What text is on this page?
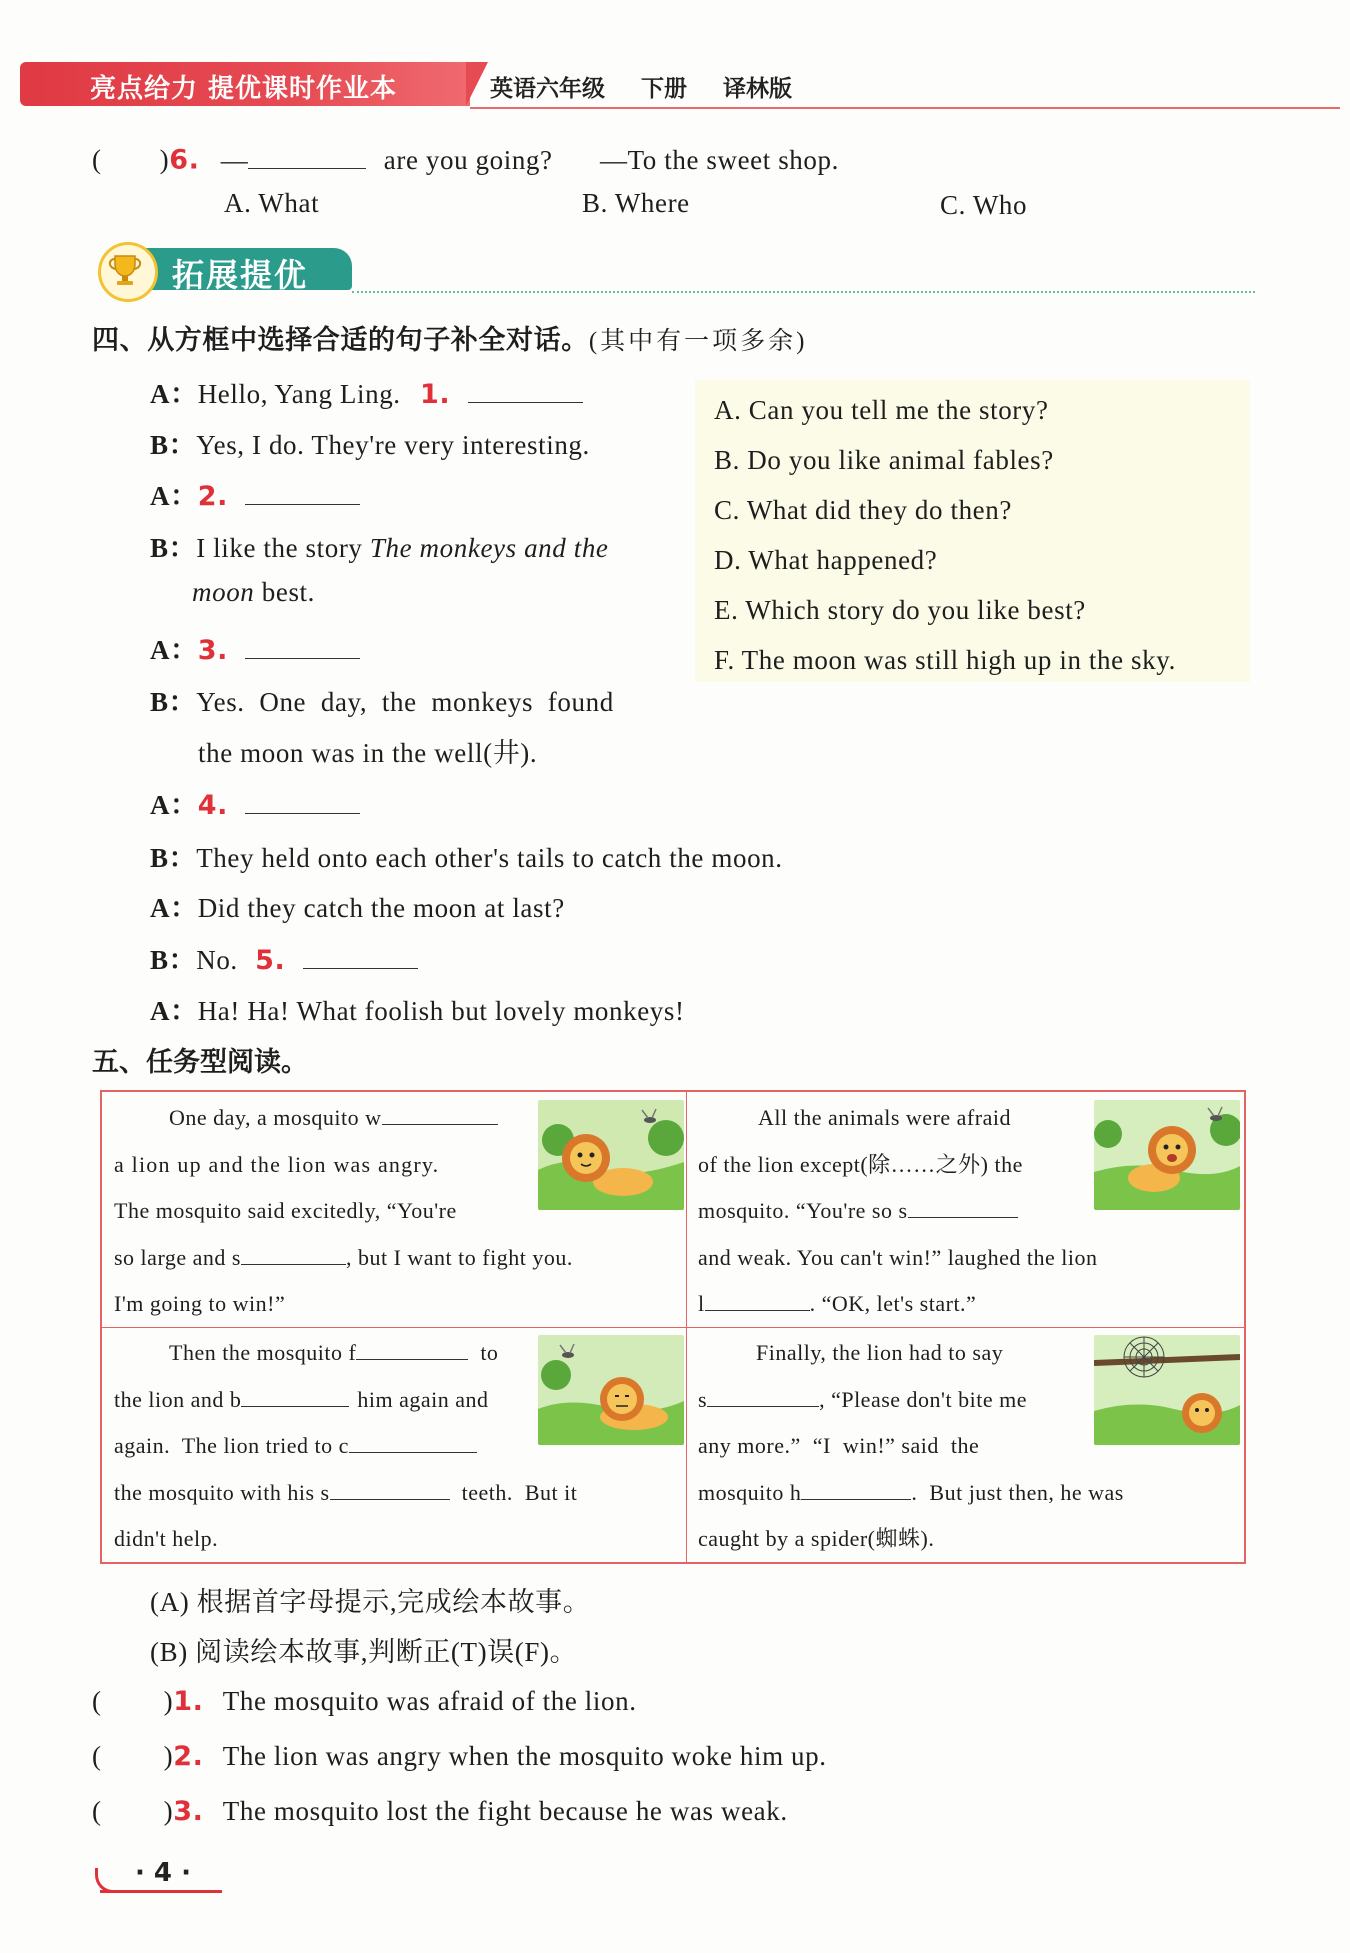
亮点给力 提优课时作业本	英语六年级 下册 译林版
( )6. —	are you going? —To the sweet shop.
A. What	B. Where	C. Who
拓展提优
四、从方框中选择合适的句子补全对话。(其中有一项多余)
A：Hello, Yang Ling. 1.
B：Yes, I do. They're very interesting.
A：2.
B：I like the story The monkeys and the
moon best.
A：3.
B：Yes.  One  day,  the  monkeys  found
the moon was in the well(井).
A：4.
B：They held onto each other's tails to catch the moon.
A：Did they catch the moon at last?
B：No. 5.
A：Ha! Ha! What foolish but lovely monkeys!
A. Can you tell me the story?
B. Do you like animal fables?
C. What did they do then?
D. What happened?
E. Which story do you like best?
F. The moon was still high up in the sky.
五、任务型阅读。
One day, a mosquito w
a lion up and the lion was angry.
The mosquito said excitedly, “You're
so large and s	, but I want to fight you.
I'm going to win!”
All the animals were afraid
of the lion except(除……之外) the
mosquito. “You're so s
and weak. You can't win!” laughed the lion
l	. “OK, let's start.”
Then the mosquito f	to
the lion and b	him again and
again.  The lion tried to c
the mosquito with his s	teeth.  But it
didn't help.
Finally, the lion had to say
s	, “Please don't bite me
any more.”  “I  win!” said  the
mosquito h	.  But just then, he was
caught by a spider(蜘蛛).
(A) 根据首字母提示,完成绘本故事。
(B) 阅读绘本故事,判断正(T)误(F)。
( )1. The mosquito was afraid of the lion.
( )2. The lion was angry when the mosquito woke him up.
( )3. The mosquito lost the fight because he was weak.
· 4 ·
